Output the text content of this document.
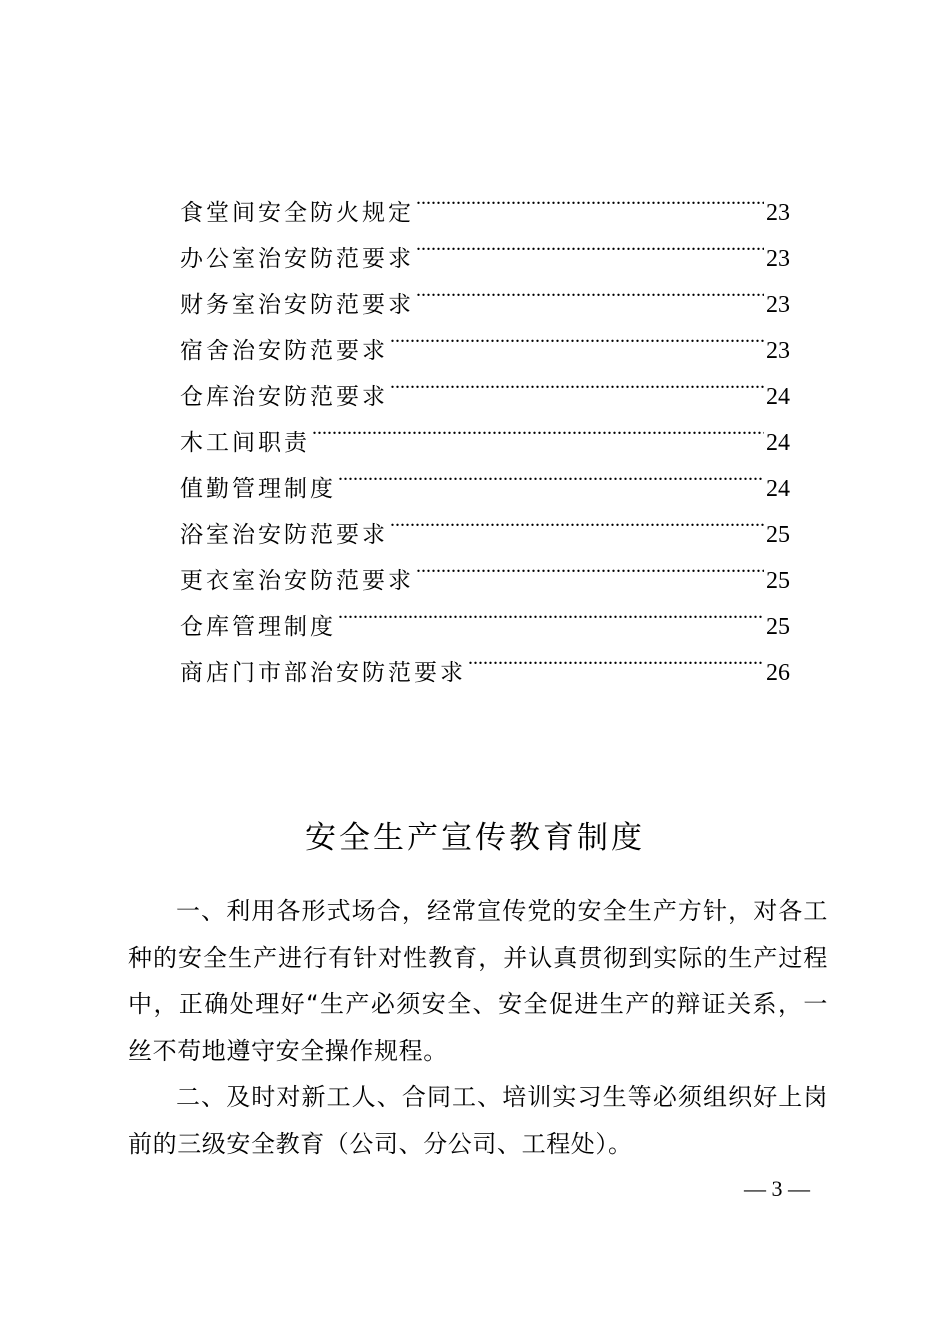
食堂间安全防火规定 .....	23
办公室治安防范要求 .....	23
财务室治安防范要求 .....	23
宿舍治安防范要求 .....	23
仓库治安防范要求 .....	24
木工间职责 .....	24
值勤管理制度 .....	24
浴室治安防范要求 .....	25
更衣室治安防范要求 .....	25
仓库管理制度 .....	25
商店门市部治安防范要求 .....	26
安全生产宣传教育制度

一、利用各形式场合，经常宣传党的安全生产方针，对各工种的安全生产进行有针对性教育，并认真贯彻到实际的生产过程中，正确处理好“生产必须安全、安全促进生产的辩证关系，一丝不苟地遵守安全操作规程。

二、及时对新工人、合同工、培训实习生等必须组织好上岗前的三级安全教育（公司、分公司、工程处）。

— 3 —
